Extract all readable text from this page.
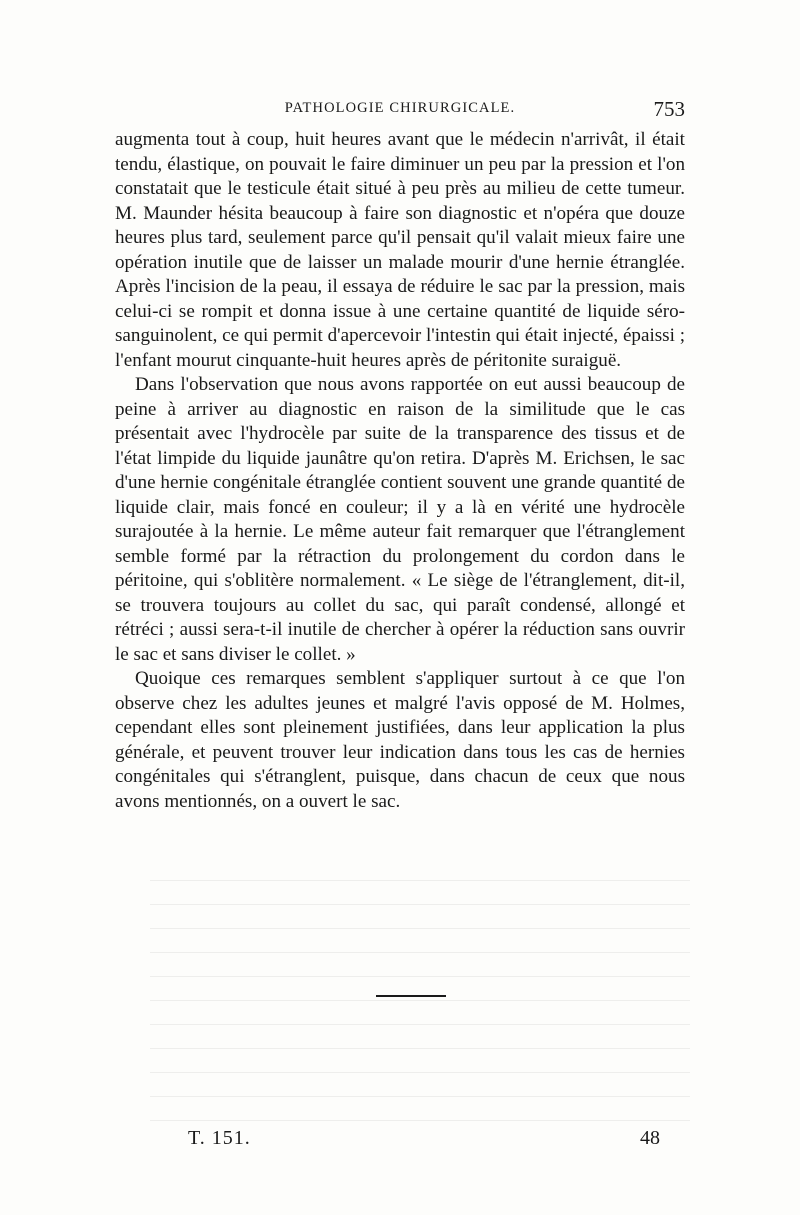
PATHOLOGIE CHIRURGICALE.	753

augmenta tout à coup, huit heures avant que le médecin n'arrivât, il était tendu, élastique, on pouvait le faire diminuer un peu par la pression et l'on constatait que le testicule était situé à peu près au milieu de cette tumeur. M. Maunder hésita beaucoup à faire son diagnostic et n'opéra que douze heures plus tard, seulement parce qu'il pensait qu'il valait mieux faire une opération inutile que de laisser un malade mourir d'une hernie étranglée. Après l'incision de la peau, il essaya de réduire le sac par la pression, mais celui-ci se rompit et donna issue à une certaine quantité de liquide séro-sanguinolent, ce qui permit d'apercevoir l'intestin qui était injecté, épaissi ; l'enfant mourut cinquante-huit heures après de péritonite suraiguë.

Dans l'observation que nous avons rapportée on eut aussi beaucoup de peine à arriver au diagnostic en raison de la similitude que le cas présentait avec l'hydrocèle par suite de la transparence des tissus et de l'état limpide du liquide jaunâtre qu'on retira. D'après M. Erichsen, le sac d'une hernie congénitale étranglée contient souvent une grande quantité de liquide clair, mais foncé en couleur; il y a là en vérité une hydrocèle surajoutée à la hernie. Le même auteur fait remarquer que l'étranglement semble formé par la rétraction du prolongement du cordon dans le péritoine, qui s'oblitère normalement. « Le siège de l'étranglement, dit-il, se trouvera toujours au collet du sac, qui paraît condensé, allongé et rétréci ; aussi sera-t-il inutile de chercher à opérer la réduction sans ouvrir le sac et sans diviser le collet. »

Quoique ces remarques semblent s'appliquer surtout à ce que l'on observe chez les adultes jeunes et malgré l'avis opposé de M. Holmes, cependant elles sont pleinement justifiées, dans leur application la plus générale, et peuvent trouver leur indication dans tous les cas de hernies congénitales qui s'étranglent, puisque, dans chacun de ceux que nous avons mentionnés, on a ouvert le sac.

T. 151.	48
